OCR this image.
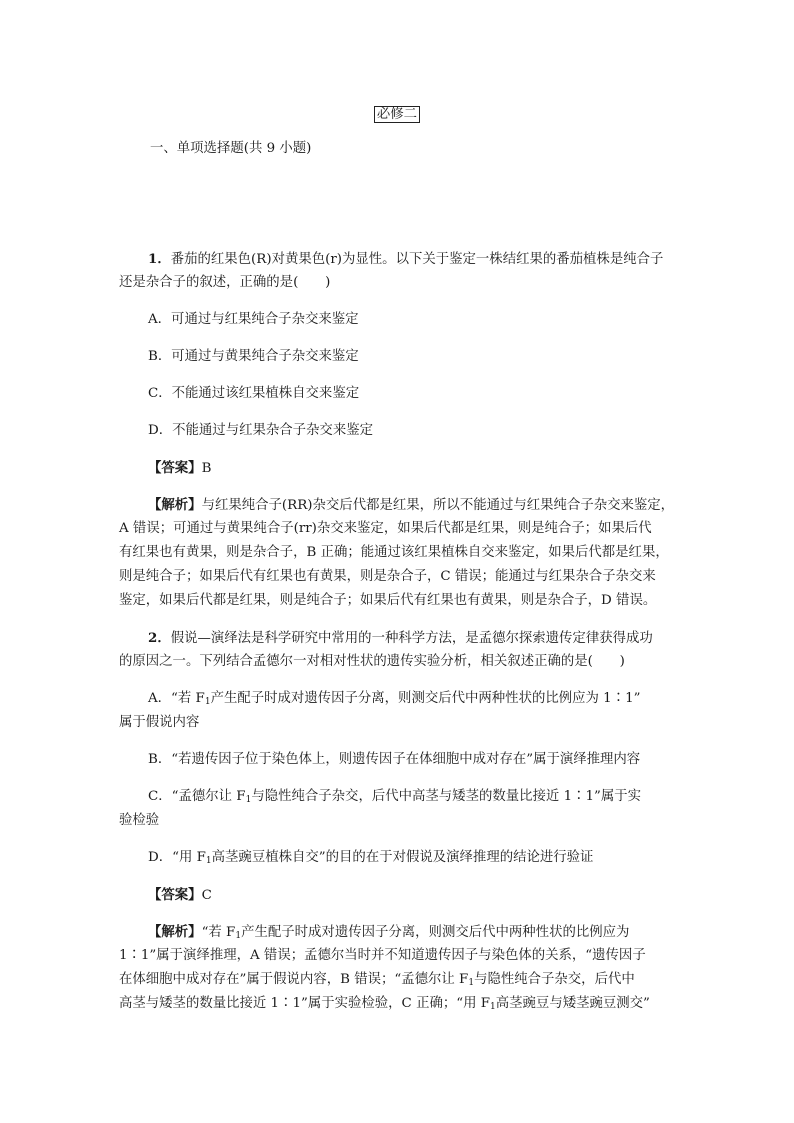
必修二
一、单项选择题(共 9 小题)
1．番茄的红果色(R)对黄果色(r)为显性。以下关于鉴定一株结红果的番茄植株是纯合子
还是杂合子的叙述，正确的是(　　)
A．可通过与红果纯合子杂交来鉴定
B．可通过与黄果纯合子杂交来鉴定
C．不能通过该红果植株自交来鉴定
D．不能通过与红果杂合子杂交来鉴定
【答案】B
【解析】与红果纯合子(RR)杂交后代都是红果，所以不能通过与红果纯合子杂交来鉴定，
A 错误；可通过与黄果纯合子(rr)杂交来鉴定，如果后代都是红果，则是纯合子；如果后代
有红果也有黄果，则是杂合子，B 正确；能通过该红果植株自交来鉴定，如果后代都是红果，
则是纯合子；如果后代有红果也有黄果，则是杂合子，C 错误；能通过与红果杂合子杂交来
鉴定，如果后代都是红果，则是纯合子；如果后代有红果也有黄果，则是杂合子，D 错误。
2．假说—演绎法是科学研究中常用的一种科学方法，是孟德尔探索遗传定律获得成功
的原因之一。下列结合孟德尔一对相对性状的遗传实验分析，相关叙述正确的是(　　)
A．“若 $F_1$产生配子时成对遗传因子分离，则测交后代中两种性状的比例应为 1∶1”
属于假说内容
B．“若遗传因子位于染色体上，则遗传因子在体细胞中成对存在”属于演绎推理内容
C．“孟德尔让 $F_1$与隐性纯合子杂交，后代中高茎与矮茎的数量比接近 1∶1”属于实
验检验
D．“用 $F_1$高茎豌豆植株自交”的目的在于对假说及演绎推理的结论进行验证
【答案】C
【解析】“若 $F_1$产生配子时成对遗传因子分离，则测交后代中两种性状的比例应为
1∶1”属于演绎推理，A 错误；孟德尔当时并不知道遗传因子与染色体的关系，“遗传因子
在体细胞中成对存在”属于假说内容，B 错误；“孟德尔让 $F_1$与隐性纯合子杂交，后代中
高茎与矮茎的数量比接近 1∶1”属于实验检验，C 正确；“用 $F_1$高茎豌豆与矮茎豌豆测交”
